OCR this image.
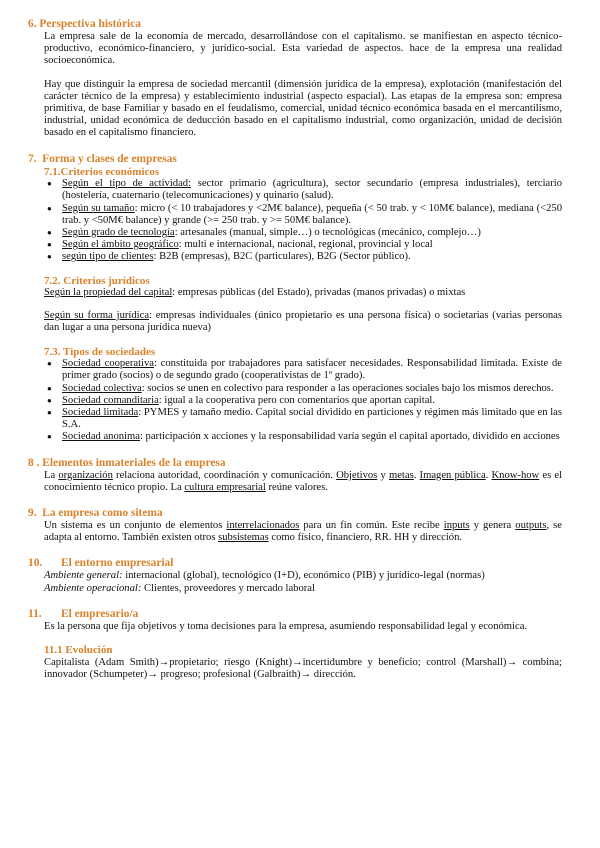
6. Perspectiva histórica
La empresa sale de la economía de mercado, desarrollándose con el capitalismo. se manifiestan en aspecto técnico-productivo, económico-financiero, y jurídico-social. Esta variedad de aspectos. hace de la empresa una realidad socioeconómica.
Hay que distinguir la empresa de sociedad mercantil (dimensión jurídica de la empresa), explotación (manifestación del carácter técnico de la empresa) y establecimiento industrial (aspecto espacial). Las etapas de la empresa son: empresa primitiva, de base Familiar y basado en el feudalismo, comercial, unidad técnico económica basada en el mercantilismo, industrial, unidad económica de deducción basado en el capitalismo industrial, como organización, unidad de decisión basado en el capitalismo financiero.
7. Forma y clases de empresas
7.1.Criterios económicos
● Según el tipo de actividad: sector primario (agricultura), sector secundario (empresa industriales), terciario (hostelería, cuaternario (telecomunicaciones) y quinario (salud).
● Según su tamaño: micro (< 10 trabajadores y <2M€ balance), pequeña (< 50 trab. y < 10M€ balance), mediana (<250 trab. y <50M€ balance) y grande (>= 250 trab. y >= 50M€ balance).
● Según grado de tecnología: artesanales (manual, simple…) o tecnológicas (mecánico, complejo…)
● Según el ámbito geográfico: multi e internacional, nacional, regional, provincial y local
● según tipo de clientes: B2B (empresas), B2C (particulares), B2G (Sector público).
7.2. Criterios jurídicos
Según la propiedad del capital: empresas públicas (del Estado), privadas (manos privadas) o mixtas
Según su forma jurídica: empresas individuales (único propietario es una persona física) o societarias (varias personas dan lugar a una persona jurídica nueva)
7.3. Tipos de sociedades
● Sociedad cooperativa: constituida por trabajadores para satisfacer necesidades. Responsabilidad limitada. Existe de primer grado (socios) o de segundo grado (cooperativistas de 1º grado).
● Sociedad colectiva: socios se unen en colectivo para responder a las operaciones sociales bajo los mismos derechos.
● Sociedad comanditaria: igual a la cooperativa pero con comentarios que aportan capital.
● Sociedad limitada: PYMES y tamaño medio. Capital social dividido en particiones y régimen más limitado que en las S.A.
● Sociedad anonima: participación x acciones y la responsabilidad varía según el capital aportado, dividido en acciones
8 . Elementos inmateriales de la empresa
La organización relaciona autoridad, coordinación y comunicación. Objetivos y metas. Imagen pública. Know-how es el conocimiento técnico propio. La cultura empresarial reúne valores.
9. La empresa como sitema
Un sistema es un conjunto de elementos interrelacionados para un fin común. Este recibe inputs y genera outputs, se adapta al entorno. También existen otros subsistemas como físico, financiero, RR. HH y dirección.
10. El entorno empresarial
Ambiente general: internacional (global), tecnológico (I+D), económico (PIB) y jurídico-legal (normas)
Ambiente operacional: Clientes, proveedores y mercado laboral
11. El empresario/a
Es la persona que fija objetivos y toma decisiones para la empresa, asumiendo responsabilidad legal y económica.
11.1 Evolución
Capitalista (Adam Smith)→propietario; riesgo (Knight)→incertidumbre y beneficio; control (Marshall)→ combina; innovador (Schumpeter)→ progreso; profesional (Galbraith)→ dirección.
